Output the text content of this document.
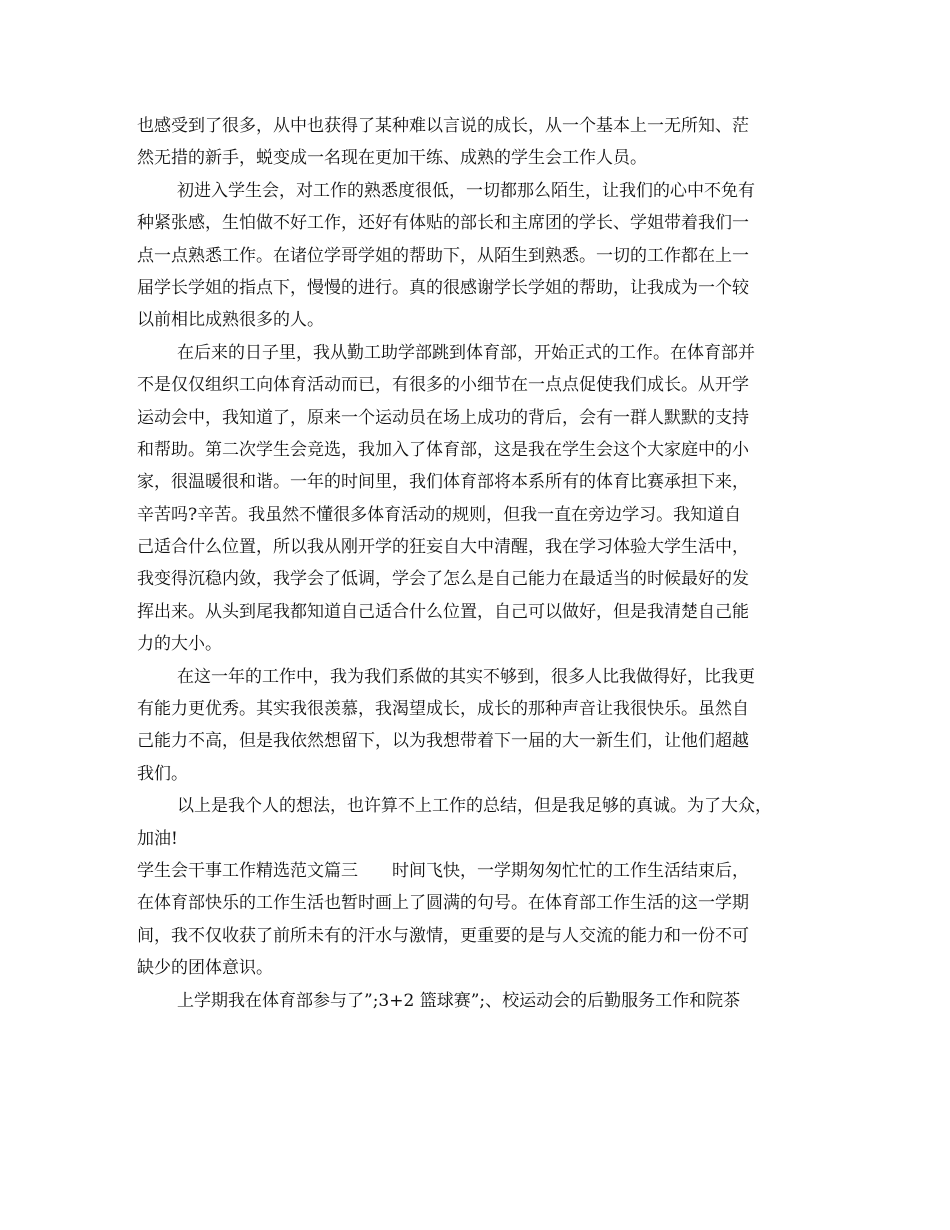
也感受到了很多，从中也获得了某种难以言说的成长，从一个基本上一无所知、茫
然无措的新手，蜕变成一名现在更加干练、成熟的学生会工作人员。
初进入学生会，对工作的熟悉度很低，一切都那么陌生，让我们的心中不免有
种紧张感，生怕做不好工作，还好有体贴的部长和主席团的学长、学姐带着我们一
点一点熟悉工作。在诸位学哥学姐的帮助下，从陌生到熟悉。一切的工作都在上一
届学长学姐的指点下，慢慢的进行。真的很感谢学长学姐的帮助，让我成为一个较
以前相比成熟很多的人。
在后来的日子里，我从勤工助学部跳到体育部，开始正式的工作。在体育部并
不是仅仅组织工向体育活动而已，有很多的小细节在一点点促使我们成长。从开学
运动会中，我知道了，原来一个运动员在场上成功的背后，会有一群人默默的支持
和帮助。第二次学生会竞选，我加入了体育部，这是我在学生会这个大家庭中的小
家，很温暖很和谐。一年的时间里，我们体育部将本系所有的体育比赛承担下来，
辛苦吗?辛苦。我虽然不懂很多体育活动的规则，但我一直在旁边学习。我知道自
己适合什么位置，所以我从刚开学的狂妄自大中清醒，我在学习体验大学生活中，
我变得沉稳内敛，我学会了低调，学会了怎么是自己能力在最适当的时候最好的发
挥出来。从头到尾我都知道自己适合什么位置，自己可以做好，但是我清楚自己能
力的大小。
在这一年的工作中，我为我们系做的其实不够到，很多人比我做得好，比我更
有能力更优秀。其实我很羡慕，我渴望成长，成长的那种声音让我很快乐。虽然自
己能力不高，但是我依然想留下，以为我想带着下一届的大一新生们，让他们超越
我们。
以上是我个人的想法，也许算不上工作的总结，但是我足够的真诚。为了大众，
加油!
学生会干事工作精选范文篇三　　时间飞快，一学期匆匆忙忙的工作生活结束后，
在体育部快乐的工作生活也暂时画上了圆满的句号。在体育部工作生活的这一学期
间，我不仅收获了前所未有的汗水与激情，更重要的是与人交流的能力和一份不可
缺少的团体意识。
上学期我在体育部参与了”;3+2 篮球赛”;、校运动会的后勤服务工作和院茶
